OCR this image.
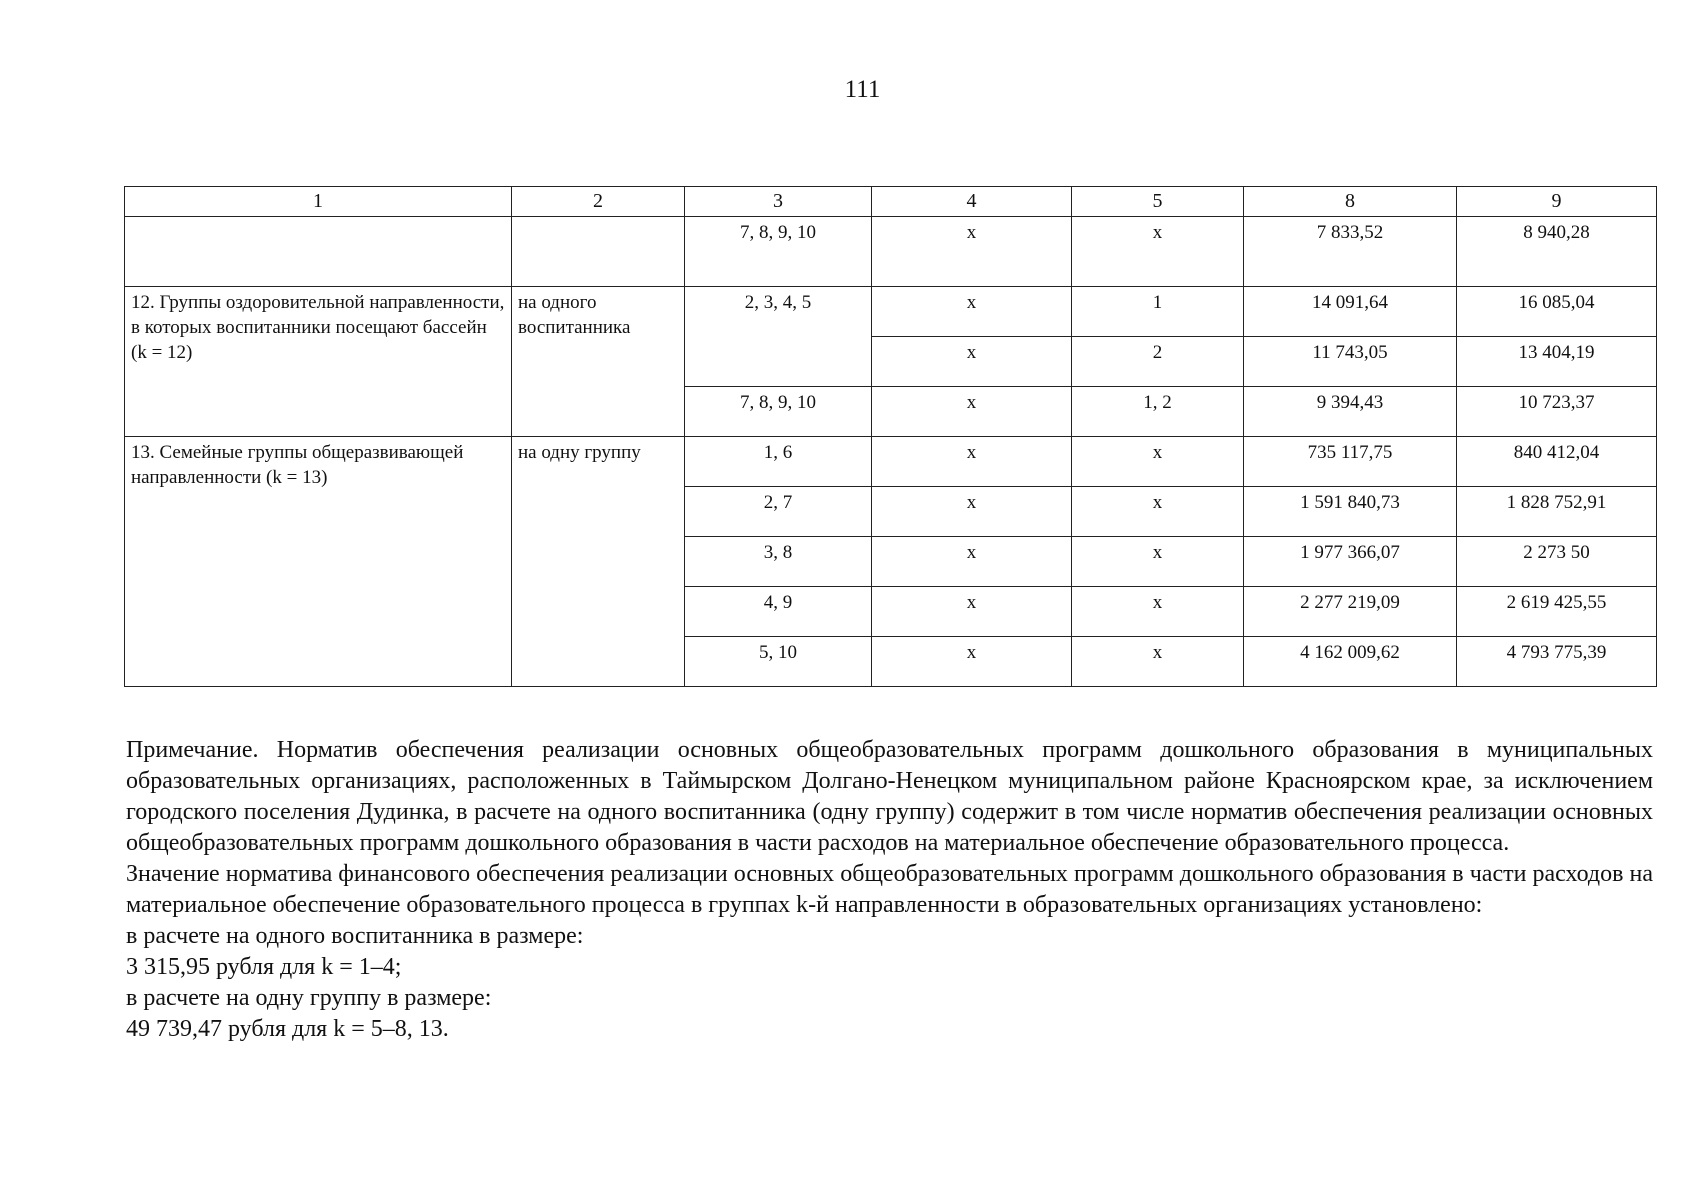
111
1	2	3	4	5	8	9
		7, 8, 9, 10	х	х	7 833,52	8 940,28
12. Группы оздоровительной направленности, в которых воспитанники посещают бассейн (k = 12)	на одного воспитанника	2, 3, 4, 5	х	1	14 091,64	16 085,04
			х	2	11 743,05	13 404,19
		7, 8, 9, 10	х	1, 2	9 394,43	10 723,37
13. Семейные группы общеразвивающей направленности (k = 13)	на одну группу	1, 6	х	х	735 117,75	840 412,04
		2, 7	х	х	1 591 840,73	1 828 752,91
		3, 8	х	х	1 977 366,07	2 273 50
		4, 9	х	х	2 277 219,09	2 619 425,55
		5, 10	х	х	4 162 009,62	4 793 775,39

Примечание. Норматив обеспечения реализации основных общеобразовательных программ дошкольного образования в муниципальных образовательных организациях, расположенных в Таймырском Долгано-Ненецком муниципальном районе Красноярском крае, за исключением городского поселения Дудинка, в расчете на одного воспитанника (одну группу) содержит в том числе норматив обеспечения реализации основных общеобразовательных программ дошкольного образования в части расходов на материальное обеспечение образовательного процесса.

Значение норматива финансового обеспечения реализации основных общеобразовательных программ дошкольного образования в части расходов на материальное обеспечение образовательного процесса в группах k-й направленности в образовательных организациях установлено:

в расчете на одного воспитанника в размере:

3 315,95 рубля для k = 1–4;

в расчете на одну группу в размере:

49 739,47 рубля для k = 5–8, 13.
